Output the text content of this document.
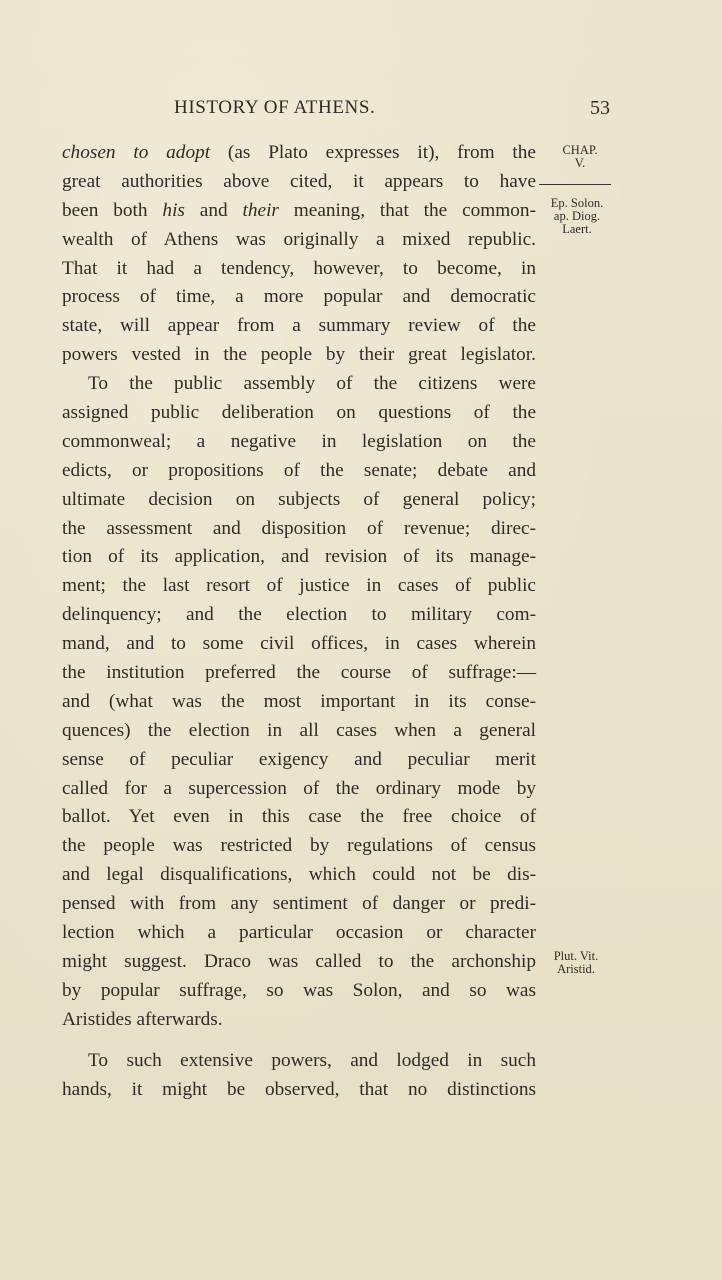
HISTORY OF ATHENS.	53
chosen to adopt (as Plato expresses it), from the
great authorities above cited, it appears to have
been both his and their meaning, that the common-
wealth of Athens was originally a mixed republic.
That it had a tendency, however, to become, in
process of time, a more popular and democratic
state, will appear from a summary review of the
powers vested in the people by their great legislator.
To the public assembly of the citizens were
assigned public deliberation on questions of the
commonweal; a negative in legislation on the
edicts, or propositions of the senate; debate and
ultimate decision on subjects of general policy;
the assessment and disposition of revenue; direc-
tion of its application, and revision of its manage-
ment; the last resort of justice in cases of public
delinquency; and the election to military com-
mand, and to some civil offices, in cases wherein
the institution preferred the course of suffrage:—
and (what was the most important in its conse-
quences) the election in all cases when a general
sense of peculiar exigency and peculiar merit
called for a supercession of the ordinary mode by
ballot. Yet even in this case the free choice of
the people was restricted by regulations of census
and legal disqualifications, which could not be dis-
pensed with from any sentiment of danger or predi-
lection which a particular occasion or character
might suggest. Draco was called to the archonship
by popular suffrage, so was Solon, and so was
Aristides afterwards.
To such extensive powers, and lodged in such
hands, it might be observed, that no distinctions
CHAP.
V.
Ep. Solon.
ap. Diog.
Laert.
Plut. Vit.
Aristid.
